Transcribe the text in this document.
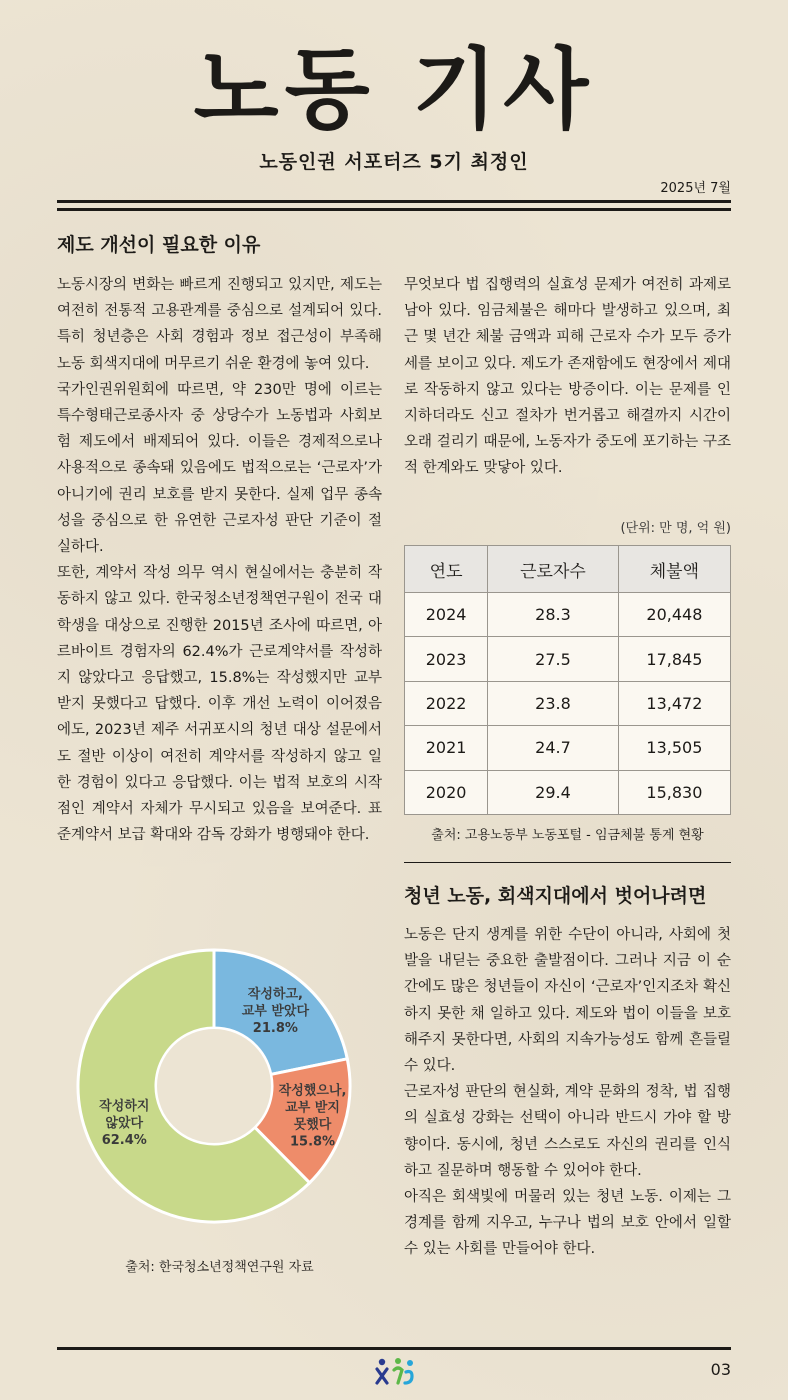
노동 기사
노동인권 서포터즈 5기 최정인
2025년 7월
제도 개선이 필요한 이유

노동시장의 변화는 빠르게 진행되고 있지만, 제도는 여전히 전통적 고용관계를 중심으로 설계되어 있다. 특히 청년층은 사회 경험과 정보 접근성이 부족해 노동 회색지대에 머무르기 쉬운 환경에 놓여 있다.

국가인권위원회에 따르면, 약 230만 명에 이르는 특수형태근로종사자 중 상당수가 노동법과 사회보험 제도에서 배제되어 있다. 이들은 경제적으로나 사용적으로 종속돼 있음에도 법적으로는 ‘근로자’가 아니기에 권리 보호를 받지 못한다. 실제 업무 종속성을 중심으로 한 유연한 근로자성 판단 기준이 절실하다.

또한, 계약서 작성 의무 역시 현실에서는 충분히 작동하지 않고 있다. 한국청소년정책연구원이 전국 대학생을 대상으로 진행한 2015년 조사에 따르면, 아르바이트 경험자의 62.4%가 근로계약서를 작성하지 않았다고 응답했고, 15.8%는 작성했지만 교부받지 못했다고 답했다. 이후 개선 노력이 이어졌음에도, 2023년 제주 서귀포시의 청년 대상 설문에서도 절반 이상이 여전히 계약서를 작성하지 않고 일한 경험이 있다고 응답했다. 이는 법적 보호의 시작점인 계약서 자체가 무시되고 있음을 보여준다. 표준계약서 보급 확대와 감독 강화가 병행돼야 한다.

무엇보다 법 집행력의 실효성 문제가 여전히 과제로 남아 있다. 임금체불은 해마다 발생하고 있으며, 최근 몇 년간 체불 금액과 피해 근로자 수가 모두 증가세를 보이고 있다. 제도가 존재함에도 현장에서 제대로 작동하지 않고 있다는 방증이다. 이는 문제를 인지하더라도 신고 절차가 번거롭고 해결까지 시간이 오래 걸리기 때문에, 노동자가 중도에 포기하는 구조적 한계와도 맞닿아 있다.

(단위: 만 명, 억 원)
연도	근로자수	체불액
2024	28.3	20,448
2023	27.5	17,845
2022	23.8	13,472
2021	24.7	13,505
2020	29.4	15,830
출처: 고용노동부 노동포털 - 임금체불 통계 현황
청년 노동, 회색지대에서 벗어나려면

노동은 단지 생계를 위한 수단이 아니라, 사회에 첫발을 내딛는 중요한 출발점이다. 그러나 지금 이 순간에도 많은 청년들이 자신이 ‘근로자’인지조차 확신하지 못한 채 일하고 있다. 제도와 법이 이들을 보호해주지 못한다면, 사회의 지속가능성도 함께 흔들릴 수 있다.

근로자성 판단의 현실화, 계약 문화의 정착, 법 집행의 실효성 강화는 선택이 아니라 반드시 가야 할 방향이다. 동시에, 청년 스스로도 자신의 권리를 인식하고 질문하며 행동할 수 있어야 한다.

아직은 회색빛에 머물러 있는 청년 노동. 이제는 그 경계를 함께 지우고, 누구나 법의 보호 안에서 일할 수 있는 사회를 만들어야 한다.

작성하고, 교부 받았다 21.8%
작성했으나, 교부 받지 못했다 15.8%
작성하지 않았다 62.4%
출처: 한국청소년정책연구원 자료
03
